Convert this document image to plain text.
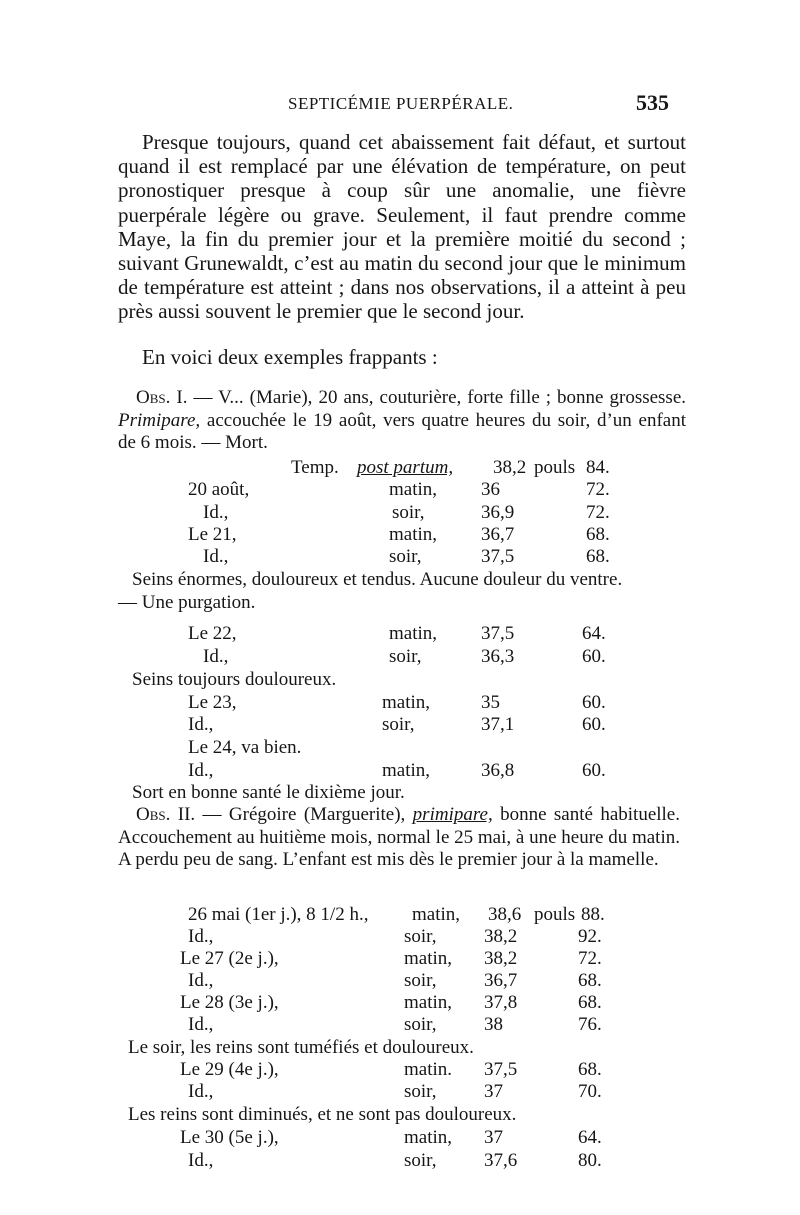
SEPTICÉMIE PUERPÉRALE.	535

Presque toujours, quand cet abaissement fait défaut, et surtout quand il est remplacé par une élévation de température, on peut pronostiquer presque à coup sûr une anomalie, une fièvre puerpérale légère ou grave. Seulement, il faut prendre comme Maye, la fin du premier jour et la première moitié du second ; suivant Grunewaldt, c’est au matin du second jour que le minimum de température est atteint ; dans nos observations, il a atteint à peu près aussi souvent le premier que le second jour.

En voici deux exemples frappants :

Obs. I. — V... (Marie), 20 ans, couturière, forte fille ; bonne grossesse. Primipare, accouchée le 19 août, vers quatre heures du soir, d’un enfant de 6 mois. — Mort.

Temp. post partum, 38,2 pouls 84.
20 août,	matin, 36	72.
Id.,	soir,	36,9	72.
Le 21,	matin, 36,7	68.
Id.,	soir,	37,5	68.
Seins énormes, douloureux et tendus. Aucune douleur du ventre.
— Une purgation.
Le 22,	matin, 37,5	64.
Id.,	soir,	36,3	60.
Seins toujours douloureux.
Le 23,	matin,	35	60.
Id.,	soir,	37,1	60.
Le 24, va bien.
Id.,	matin,	36,8	60.
Sort en bonne santé le dixième jour.

Obs. II. — Grégoire (Marguerite), primipare, bonne santé habituelle. Accouchement au huitième mois, normal le 25 mai, à une heure du matin. A perdu peu de sang. L’enfant est mis dès le premier jour à la mamelle.

26 mai (1er j.), 8 1/2 h., matin, 38,6 pouls 88.
Id.,	soir,	38,2	92.
Le 27 (2e j.),	matin, 38,2	72.
Id.,	soir,	36,7	68.
Le 28 (3e j.),	matin, 37,8	68.
Id.,	soir,	38	76.
Le soir, les reins sont tuméfiés et douloureux.
Le 29 (4e j.),	matin. 37,5	68.
Id.,	soir,	37	70.
Les reins sont diminués, et ne sont pas douloureux.
Le 30 (5e j.),	matin, 37	64.
Id.,	soir,	37,6	80.
